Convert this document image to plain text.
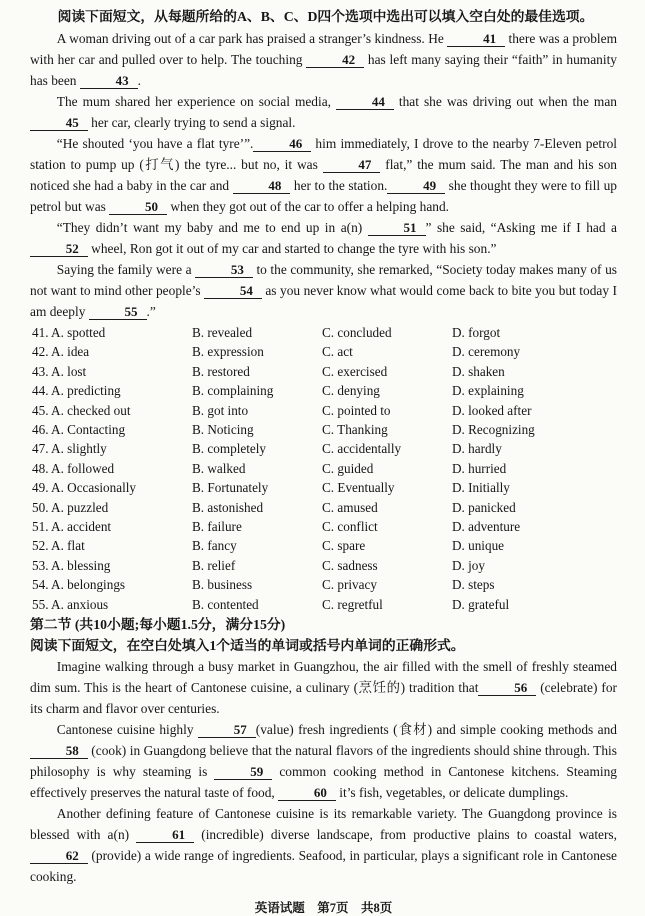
阅读下面短文，从每题所给的A、B、C、D四个选项中选出可以填入空白处的最佳选项。

A woman driving out of a car park has praised a stranger’s kindness. He	41 there was a problem with her car and pulled over to help. The touching	42 has left many saying their “faith” in humanity has been	43 .

The mum shared her experience on social media,	44 that she was driving out when the man45 her car, clearly trying to send a signal.

“He shouted ‘you have a flat tyre’”.	46 him immediately, I drove to the nearby 7-Eleven petrol station to pump up (打气) the tyre... but no, it was	47 flat,” the mum said. The man and his son noticed she had a baby in the car and	48 her to the station.	49 she thought they were to fill up petrol but was	50 when they got out of the car to offer a helping hand.

“They didn’t want my baby and me to end up in a(n)	51 ” she said, “Asking me if I had a 52 wheel, Ron got it out of my car and started to change the tyre with his son.”

Saying the family were a	53 to the community, she remarked, “Society today makes many of us not want to mind other people’s	54 as you never know what would come back to bite you but today I am deeply	55 .”

41. A. spotted	B. revealed	C. concluded	D. forgot
42. A. idea	B. expression	C. act	D. ceremony
43. A. lost	B. restored	C. exercised	D. shaken
44. A. predicting	B. complaining	C. denying	D. explaining
45. A. checked out	B. got into	C. pointed to	D. looked after
46. A. Contacting	B. Noticing	C. Thanking	D. Recognizing
47. A. slightly	B. completely	C. accidentally	D. hardly
48. A. followed	B. walked	C. guided	D. hurried
49. A. Occasionally	B. Fortunately	C. Eventually	D. Initially
50. A. puzzled	B. astonished	C. amused	D. panicked
51. A. accident	B. failure	C. conflict	D. adventure
52. A. flat	B. fancy	C. spare	D. unique
53. A. blessing	B. relief	C. sadness	D. joy
54. A. belongings	B. business	C. privacy	D. steps
55. A. anxious	B. contented	C. regretful	D. grateful

第二节 (共10小题;每小题1.5分，满分15分)

阅读下面短文，在空白处填入1个适当的单词或括号内单词的正确形式。

Imagine walking through a busy market in Guangzhou, the air filled with the smell of freshly steamed dim sum. This is the heart of Cantonese cuisine, a culinary (烹饪的) tradition that	56 (celebrate) for its charm and flavor over centuries.

Cantonese cuisine highly	57 (value) fresh ingredients (食材) and simple cooking methods and 58 (cook) in Guangdong believe that the natural flavors of the ingredients should shine through. This philosophy is why steaming is	59 common cooking method in Cantonese kitchens. Steaming effectively preserves the natural taste of food,	60 it’s fish, vegetables, or delicate dumplings.

Another defining feature of Cantonese cuisine is its remarkable variety. The Guangdong province is blessed with a(n)	61 (incredible) diverse landscape, from productive plains to coastal waters, 62 (provide) a wide range of ingredients. Seafood, in particular, plays a significant role in Cantonese cooking.

英语试题　第7页　共8页
